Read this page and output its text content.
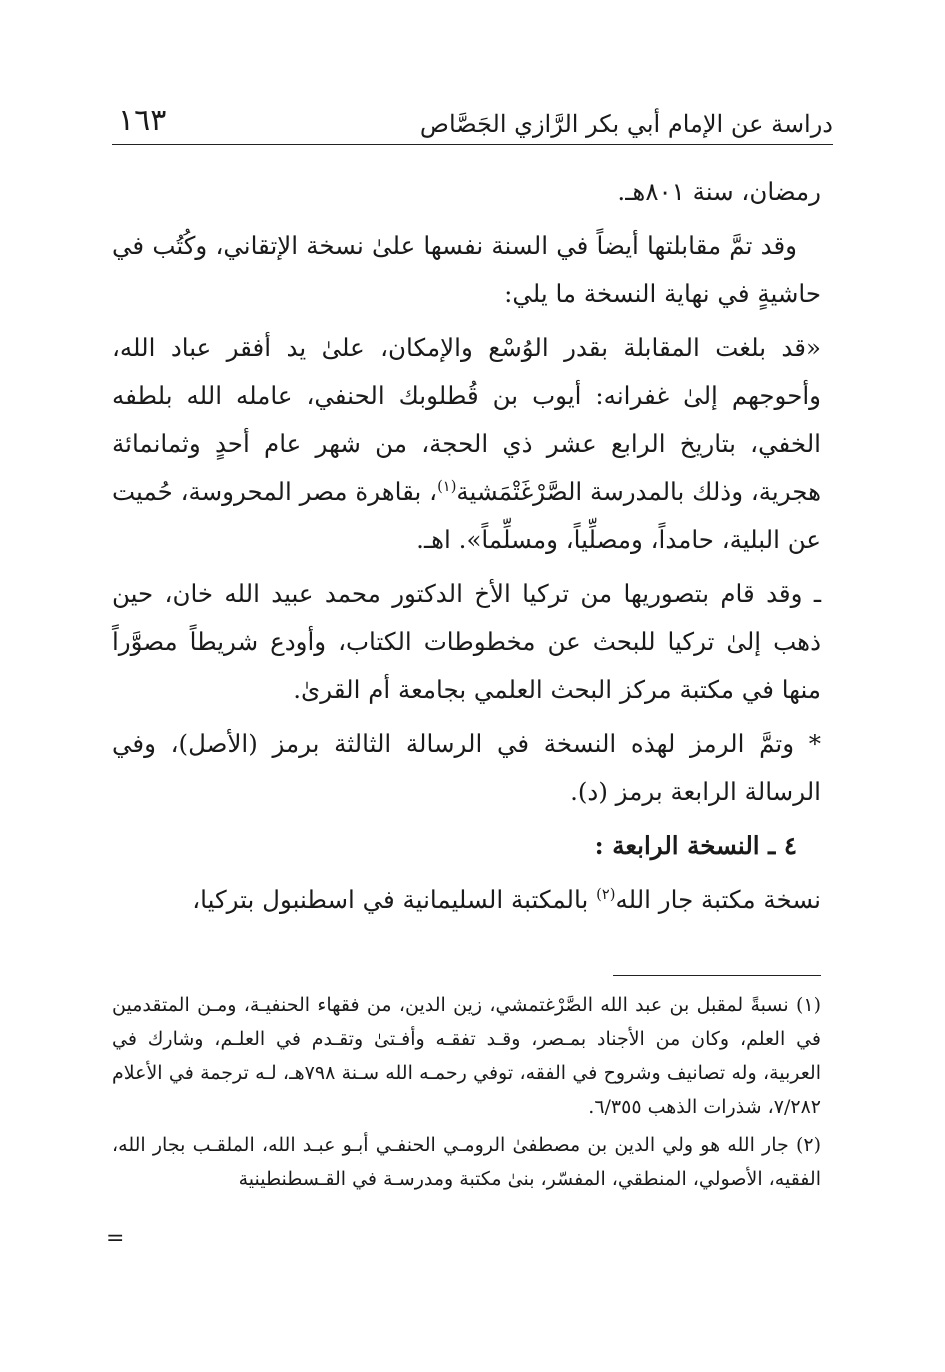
دراسة عن الإمام أبي بكر الرَّازي الجَصَّاص
١٦٣

رمضان، سنة ٨٠١هـ.

وقد تمَّ مقابلتها أيضاً في السنة نفسها علىٰ نسخة الإتقاني، وكُتُب في حاشيةٍ في نهاية النسخة ما يلي:

«قد بلغت المقابلة بقدر الوُسْع والإمكان، علىٰ يد أفقر عباد الله، وأحوجهم إلىٰ غفرانه: أيوب بن قُطلوبك الحنفي، عامله الله بلطفه الخفي، بتاريخ الرابع عشر ذي الحجة، من شهر عام أحدٍ وثمانمائة هجرية، وذلك بالمدرسة الصَّرْغَتْمَشية$^{(١)}$، بقاهرة مصر المحروسة، حُميت عن البلية، حامداً، ومصلِّياً، ومسلِّماً». اهـ.

ـ وقد قام بتصوريها من تركيا الأخ الدكتور محمد عبيد الله خان، حين ذهب إلىٰ تركيا للبحث عن مخطوطات الكتاب، وأودع شريطاً مصوَّراً منها في مكتبة مركز البحث العلمي بجامعة أم القرىٰ.

* وتمَّ الرمز لهذه النسخة في الرسالة الثالثة برمز (الأصل)، وفي الرسالة الرابعة برمز (د).

٤ ـ النسخة الرابعة :

نسخة مكتبة جار الله$^{(٢)}$ بالمكتبة السليمانية في اسطنبول بتركيا،

(١) نسبةً لمقبل بن عبد الله الصَّرْغتمشي، زين الدين، من فقهاء الحنفيـة، ومـن المتقدمين في العلم، وكان من الأجناد بمـصر، وقـد تفقـه وأفـتىٰ وتقـدم في العلـم، وشارك في العربية، وله تصانيف وشروح في الفقه، توفي رحمـه الله سـنة ٧٩٨هـ، لـه ترجمة في الأعلام ٧/٢٨٢، شذرات الذهب ٦/٣٥٥.

(٢) جار الله هو ولي الدين بن مصطفىٰ الرومـي الحنفـي أبـو عبـد الله، الملقـب بجار الله، الفقيه، الأصولي، المنطقي، المفسّر، بنىٰ مكتبة ومدرسـة في القـسطنطينية

=
